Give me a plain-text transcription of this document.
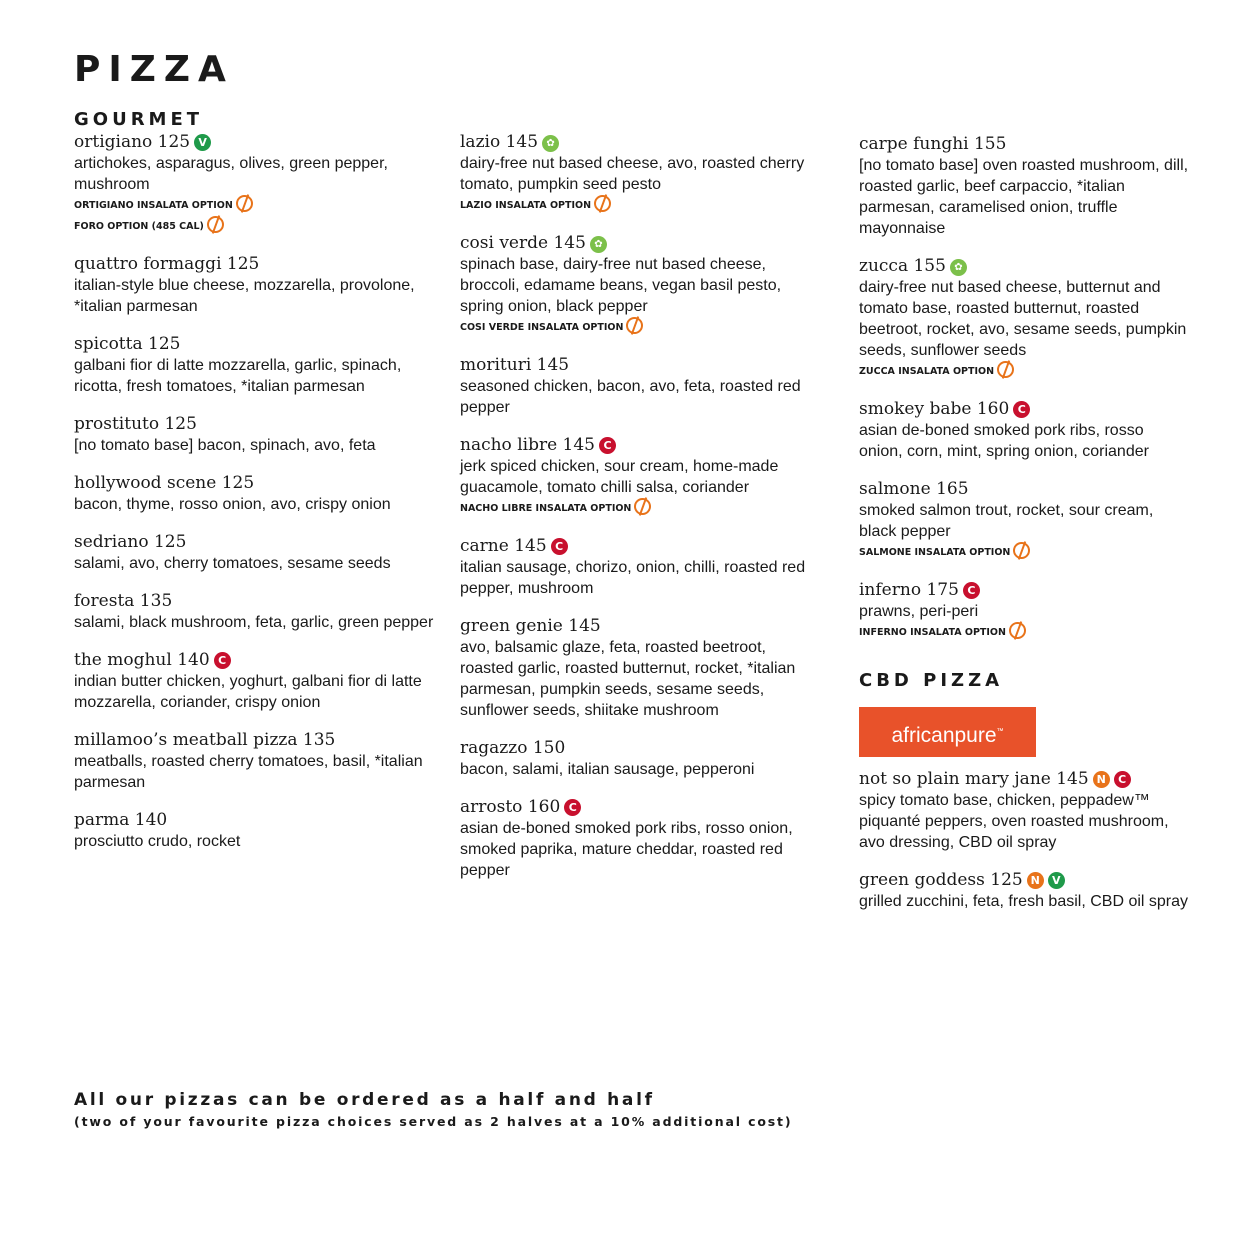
PIZZA
GOURMET

ortigiano 125 V

artichokes, asparagus, olives, green pepper, mushroom

ORTIGIANO INSALATA OPTION

FORO OPTION (485 CAL)

quattro formaggi 125

italian-style blue cheese, mozzarella, provolone, *italian parmesan

spicotta 125

galbani fior di latte mozzarella, garlic, spinach, ricotta, fresh tomatoes, *italian parmesan

prostituto 125

[no tomato base] bacon, spinach, avo, feta

hollywood scene 125

bacon, thyme, rosso onion, avo, crispy onion

sedriano 125

salami, avo, cherry tomatoes, sesame seeds

foresta 135

salami, black mushroom, feta, garlic, green pepper

the moghul 140 C

indian butter chicken, yoghurt, galbani fior di latte mozzarella, coriander, crispy onion

millamoo’s meatball pizza 135

meatballs, roasted cherry tomatoes, basil, *italian parmesan

parma 140

prosciutto crudo, rocket

lazio 145 ✿

dairy-free nut based cheese, avo, roasted cherry tomato, pumpkin seed pesto

LAZIO INSALATA OPTION

cosi verde 145 ✿

spinach base, dairy-free nut based cheese, broccoli, edamame beans, vegan basil pesto, spring onion, black pepper

COSI VERDE INSALATA OPTION

morituri 145

seasoned chicken, bacon, avo, feta, roasted red pepper

nacho libre 145 C

jerk spiced chicken, sour cream, home-made guacamole, tomato chilli salsa, coriander

NACHO LIBRE INSALATA OPTION

carne 145 C

italian sausage, chorizo, onion, chilli, roasted red pepper, mushroom

green genie 145

avo, balsamic glaze, feta, roasted beetroot, roasted garlic, roasted butternut, rocket, *italian parmesan, pumpkin seeds, sesame seeds, sunflower seeds, shiitake mushroom

ragazzo 150

bacon, salami, italian sausage, pepperoni

arrosto 160 C

asian de-boned smoked pork ribs, rosso onion, smoked paprika, mature cheddar, roasted red pepper

carpe funghi 155

[no tomato base] oven roasted mushroom, dill, roasted garlic, beef carpaccio, *italian parmesan, caramelised onion, truffle mayonnaise

zucca 155 ✿

dairy-free nut based cheese, butternut and tomato base, roasted butternut, roasted beetroot, rocket, avo, sesame seeds, pumpkin seeds, sunflower seeds

ZUCCA INSALATA OPTION

smokey babe 160 C

asian de-boned smoked pork ribs, rosso onion, corn, mint, spring onion, coriander

salmone 165

smoked salmon trout, rocket, sour cream, black pepper

SALMONE INSALATA OPTION

inferno 175 C

prawns, peri-peri

INFERNO INSALATA OPTION

CBD PIZZA
africanpure™

not so plain mary jane 145 N C

spicy tomato base, chicken, peppadew™ piquanté peppers, oven roasted mushroom, avo dressing, CBD oil spray

green goddess 125 N V

grilled zucchini, feta, fresh basil, CBD oil spray

All our pizzas can be ordered as a half and half

(two of your favourite pizza choices served as 2 halves at a 10% additional cost)
